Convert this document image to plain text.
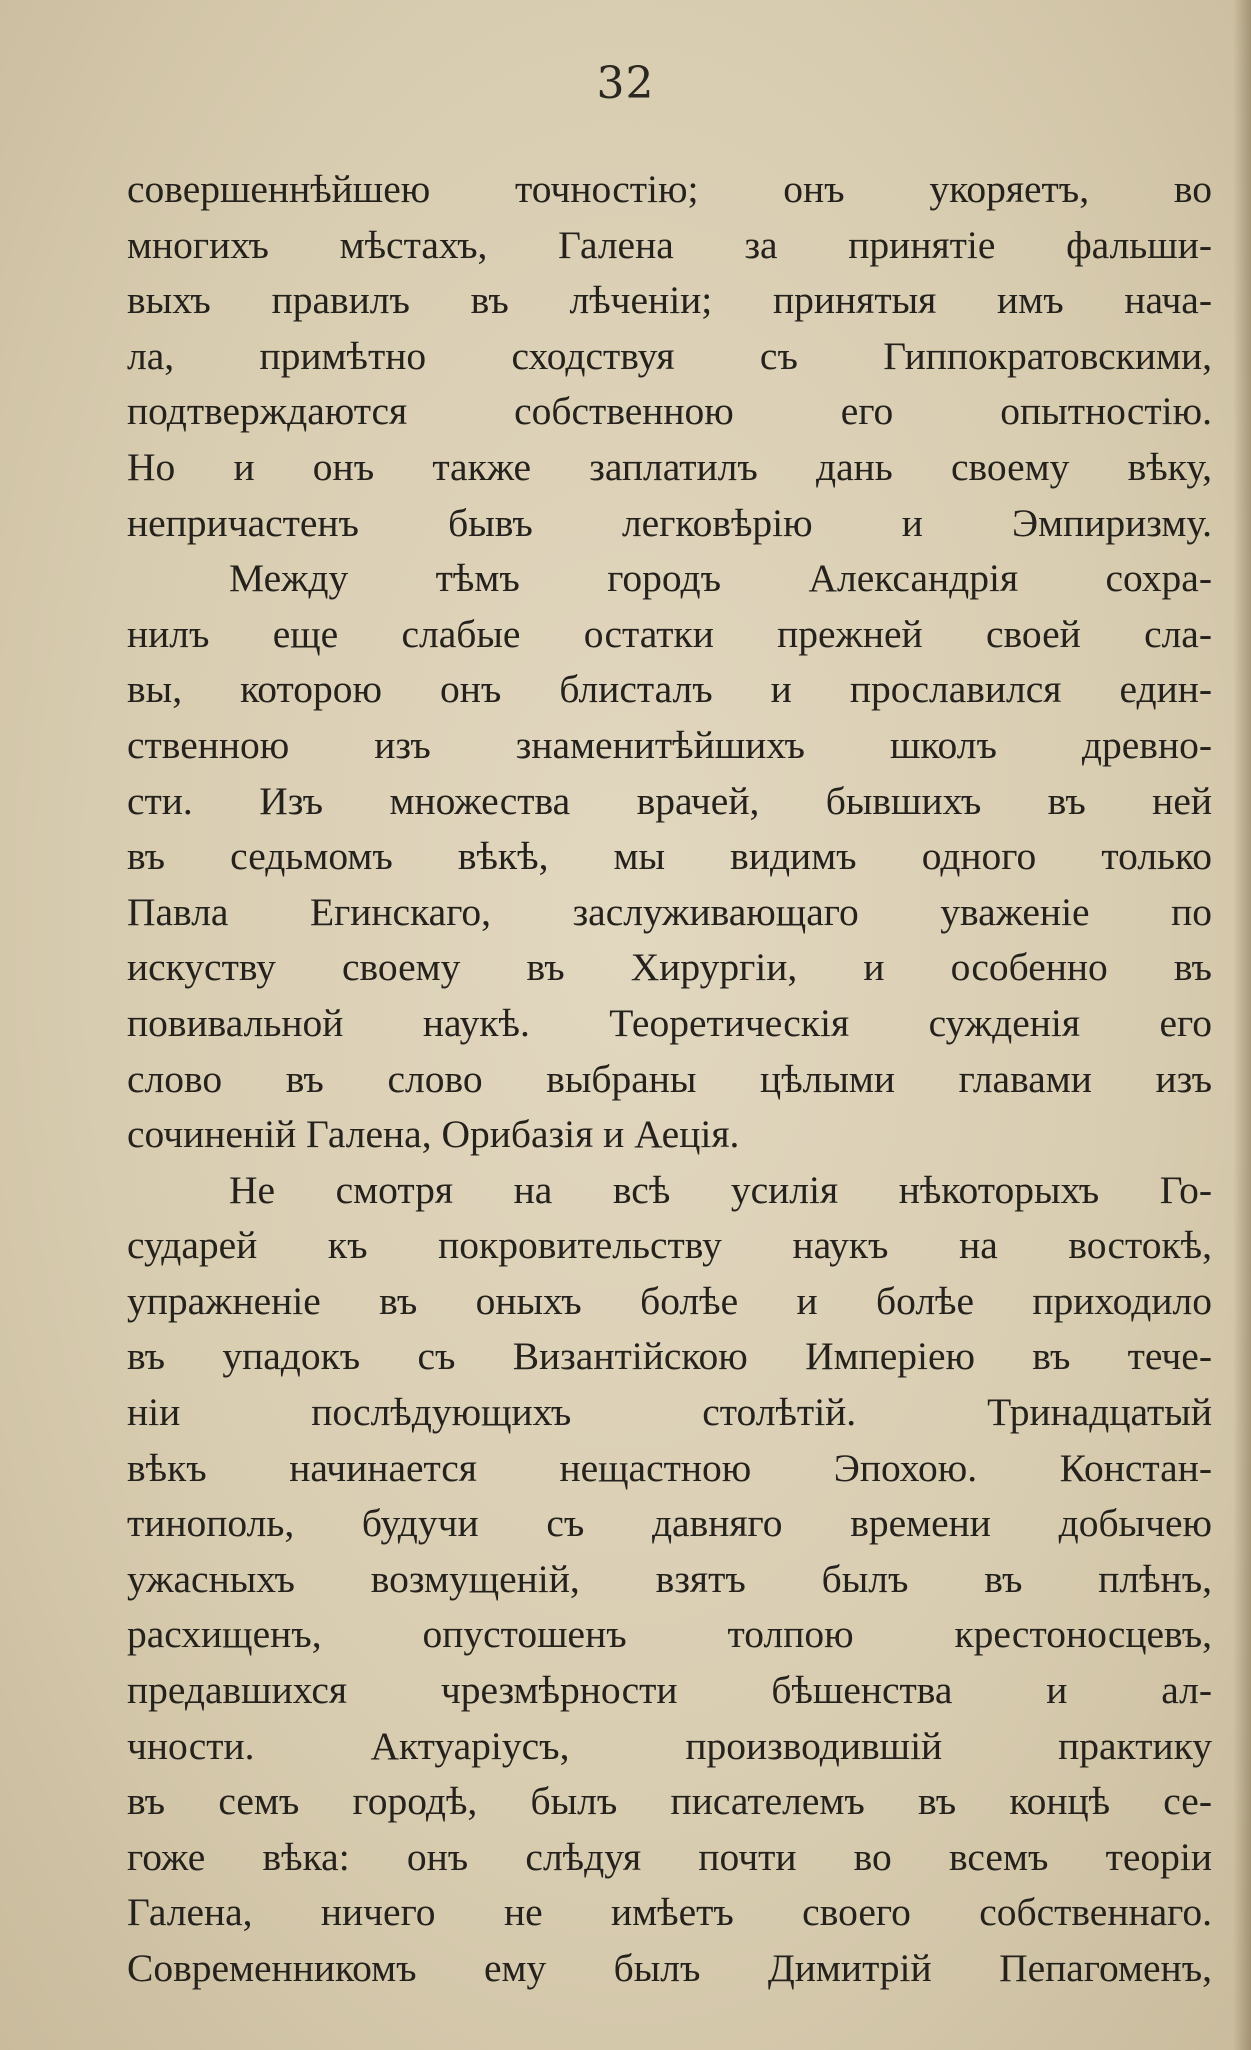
32
совершеннѣйшею точностію; онъ укоряетъ, во
многихъ мѣстахъ, Галена за принятіе фальши-
выхъ правилъ въ лѣченіи; принятыя имъ нача-
ла, примѣтно сходствуя съ Гиппократовскими,
подтверждаются собственною его опытностію.
Но и онъ также заплатилъ дань своему вѣку,
непричастенъ бывъ легковѣрію и Эмпиризму.
Между тѣмъ городъ Александрія сохра-
нилъ еще слабые остатки прежней своей сла-
вы, которою онъ блисталъ и прославился един-
ственною изъ знаменитѣйшихъ школъ древно-
сти. Изъ множества врачей, бывшихъ въ ней
въ седьмомъ вѣкѣ, мы видимъ одного только
Павла Егинскаго, заслуживающаго уваженіе по
искуству своему въ Хирургіи, и особенно въ
повивальной наукѣ. Теоретическія сужденія его
слово въ слово выбраны цѣлыми главами изъ
сочиненій Галена, Орибазія и Аеція.
Не смотря на всѣ усилія нѣкоторыхъ Го-
сударей къ покровительству наукъ на востокѣ,
упражненіе въ оныхъ болѣе и болѣе приходило
въ упадокъ съ Византійскою Имперіею въ тече-
ніи послѣдующихъ столѣтій. Тринадцатый
вѣкъ начинается нещастною Эпохою. Констан-
тинополь, будучи съ давняго времени добычею
ужасныхъ возмущеній, взятъ былъ въ плѣнъ,
расхищенъ, опустошенъ толпою крестоносцевъ,
предавшихся чрезмѣрности бѣшенства и ал-
чности. Актуаріусъ, производившій практику
въ семъ городѣ, былъ писателемъ въ концѣ се-
гоже вѣка: онъ слѣдуя почти во всемъ теоріи
Галена, ничего не имѣетъ своего собственнаго.
Современникомъ ему былъ Димитрій Пепагоменъ,
